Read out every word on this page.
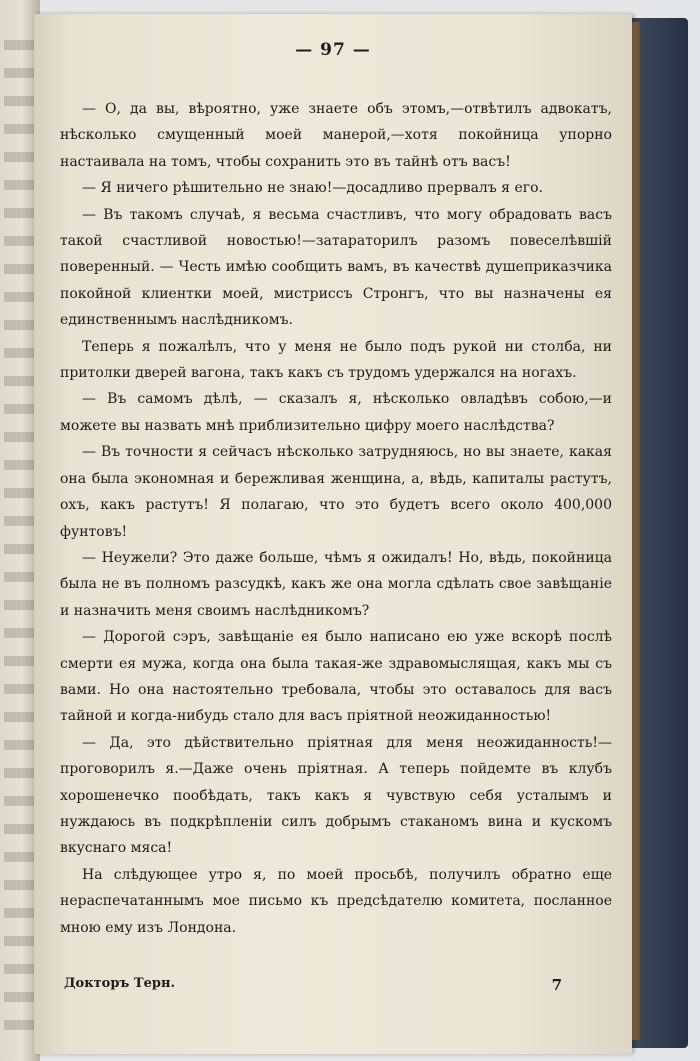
— 97 —

— О, да вы, вѣроятно, уже знаете объ этомъ,—отвѣтилъ адвокатъ, нѣсколько смущенный моей манерой,—хотя покойница упорно настаивала на томъ, чтобы сохранить это въ тайнѣ отъ васъ!

— Я ничего рѣшительно не знаю!—досадливо прервалъ я его.

— Въ такомъ случаѣ, я весьма счастливъ, что могу обрадовать васъ такой счастливой новостью!—затараторилъ разомъ повеселѣвшій поверенный. — Честь имѣю сообщить вамъ, въ качествѣ душеприказчика покойной клиентки моей, мистриссъ Стронгъ, что вы назначены ея единственнымъ наслѣдникомъ.

Теперь я пожалѣлъ, что у меня не было подъ рукой ни столба, ни притолки дверей вагона, такъ какъ съ трудомъ удержался на ногахъ.

— Въ самомъ дѣлѣ, — сказалъ я, нѣсколько овладѣвъ собою,—и можете вы назвать мнѣ приблизительно цифру моего наслѣдства?

— Въ точности я сейчасъ нѣсколько затрудняюсь, но вы знаете, какая она была экономная и бережливая женщина, а, вѣдь, капиталы растутъ, охъ, какъ растутъ! Я полагаю, что это будетъ всего около 400,000 фунтовъ!

— Неужели? Это даже больше, чѣмъ я ожидалъ! Но, вѣдь, покойница была не въ полномъ разсудкѣ, какъ же она могла сдѣлать свое завѣщаніе и назначить меня своимъ наслѣдникомъ?

— Дорогой сэръ, завѣщаніе ея было написано ею уже вскорѣ послѣ смерти ея мужа, когда она была такая-же здравомыслящая, какъ мы съ вами. Но она настоятельно требовала, чтобы это оставалось для васъ тайной и когда-нибудь стало для васъ пріятной неожиданностью!

— Да, это дѣйствительно пріятная для меня неожиданность!—проговорилъ я.—Даже очень пріятная. А теперь пойдемте въ клубъ хорошенечко пообѣдать, такъ какъ я чувствую себя усталымъ и нуждаюсь въ подкрѣпленіи силъ добрымъ стаканомъ вина и кускомъ вкуснаго мяса!

На слѣдующее утро я, по моей просьбѣ, получилъ обратно еще нераспечатаннымъ мое письмо къ предсѣдателю комитета, посланное мною ему изъ Лондона.

Докторъ Терн.	7
